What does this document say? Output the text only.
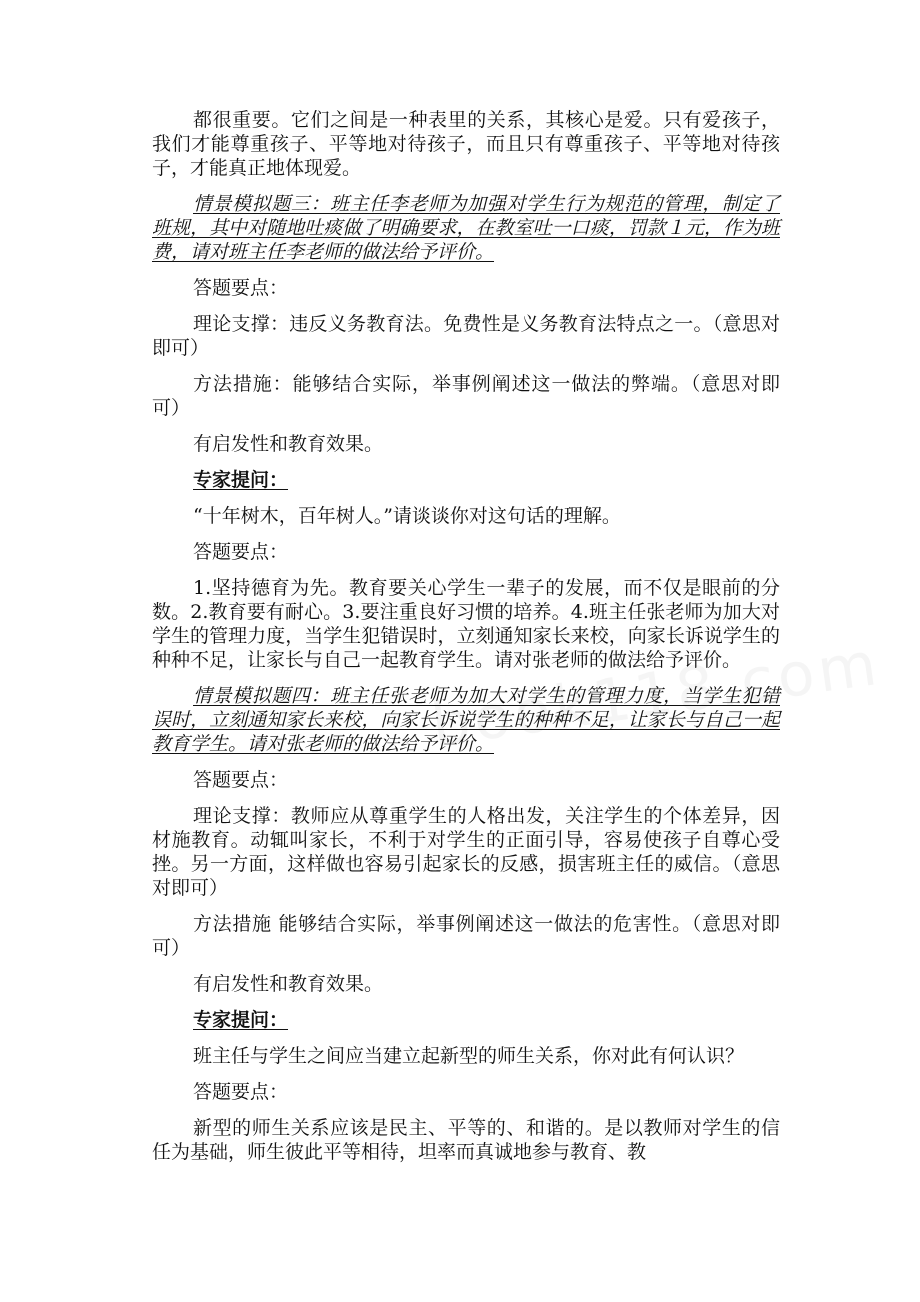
都很重要。它们之间是一种表里的关系，其核心是爱。只有爱孩子，我们才能尊重孩子、平等地对待孩子，而且只有尊重孩子、平等地对待孩子，才能真正地体现爱。

情景模拟题三：班主任李老师为加强对学生行为规范的管理，制定了班规，其中对随地吐痰做了明确要求，在教室吐一口痰，罚款１元，作为班费，请对班主任李老师的做法给予评价。

答题要点：

理论支撑：违反义务教育法。免费性是义务教育法特点之一。（意思对即可）

方法措施：能够结合实际，举事例阐述这一做法的弊端。（意思对即可）

有启发性和教育效果。

专家提问：

“十年树木，百年树人。”请谈谈你对这句话的理解。

答题要点：

1.坚持德育为先。教育要关心学生一辈子的发展，而不仅是眼前的分数。2.教育要有耐心。3.要注重良好习惯的培养。4.班主任张老师为加大对学生的管理力度，当学生犯错误时，立刻通知家长来校，向家长诉说学生的种种不足，让家长与自己一起教育学生。请对张老师的做法给予评价。

情景模拟题四：班主任张老师为加大对学生的管理力度，当学生犯错误时，立刻通知家长来校，向家长诉说学生的种种不足，让家长与自己一起教育学生。请对张老师的做法给予评价。

答题要点：

理论支撑：教师应从尊重学生的人格出发，关注学生的个体差异，因材施教育。动辄叫家长，不利于对学生的正面引导，容易使孩子自尊心受挫。另一方面，这样做也容易引起家长的反感，损害班主任的威信。（意思对即可）

方法措施 能够结合实际，举事例阐述这一做法的危害性。（意思对即可）

有启发性和教育效果。

专家提问：

班主任与学生之间应当建立起新型的师生关系，你对此有何认识？

答题要点：

新型的师生关系应该是民主、平等的、和谐的。是以教师对学生的信任为基础，师生彼此平等相待，坦率而真诚地参与教育、教
